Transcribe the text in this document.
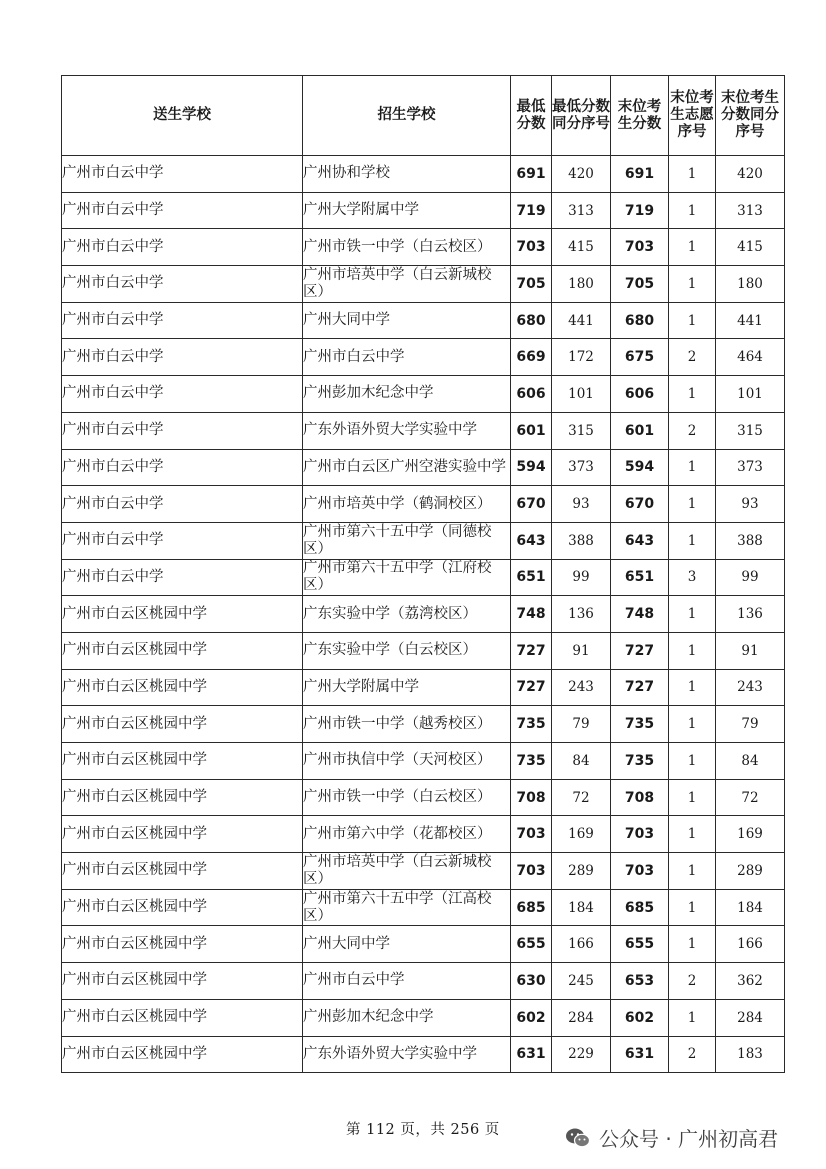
送生学校	招生学校	最低分数	最低分数同分序号	末位考生分数	末位考生志愿序号	末位考生分数同分序号
广州市白云中学	广州协和学校	691	420	691	1	420
广州市白云中学	广州大学附属中学	719	313	719	1	313
广州市白云中学	广州市铁一中学（白云校区）	703	415	703	1	415
广州市白云中学	广州市培英中学（白云新城校区）	705	180	705	1	180
广州市白云中学	广州大同中学	680	441	680	1	441
广州市白云中学	广州市白云中学	669	172	675	2	464
广州市白云中学	广州彭加木纪念中学	606	101	606	1	101
广州市白云中学	广东外语外贸大学实验中学	601	315	601	2	315
广州市白云中学	广州市白云区广州空港实验中学	594	373	594	1	373
广州市白云中学	广州市培英中学（鹤洞校区）	670	93	670	1	93
广州市白云中学	广州市第六十五中学（同德校区）	643	388	643	1	388
广州市白云中学	广州市第六十五中学（江府校区）	651	99	651	3	99
广州市白云区桃园中学	广东实验中学（荔湾校区）	748	136	748	1	136
广州市白云区桃园中学	广东实验中学（白云校区）	727	91	727	1	91
广州市白云区桃园中学	广州大学附属中学	727	243	727	1	243
广州市白云区桃园中学	广州市铁一中学（越秀校区）	735	79	735	1	79
广州市白云区桃园中学	广州市执信中学（天河校区）	735	84	735	1	84
广州市白云区桃园中学	广州市铁一中学（白云校区）	708	72	708	1	72
广州市白云区桃园中学	广州市第六中学（花都校区）	703	169	703	1	169
广州市白云区桃园中学	广州市培英中学（白云新城校区）	703	289	703	1	289
广州市白云区桃园中学	广州市第六十五中学（江高校区）	685	184	685	1	184
广州市白云区桃园中学	广州大同中学	655	166	655	1	166
广州市白云区桃园中学	广州市白云中学	630	245	653	2	362
广州市白云区桃园中学	广州彭加木纪念中学	602	284	602	1	284
广州市白云区桃园中学	广东外语外贸大学实验中学	631	229	631	2	183
第 112 页，共 256 页	公众号 · 广州初高君
